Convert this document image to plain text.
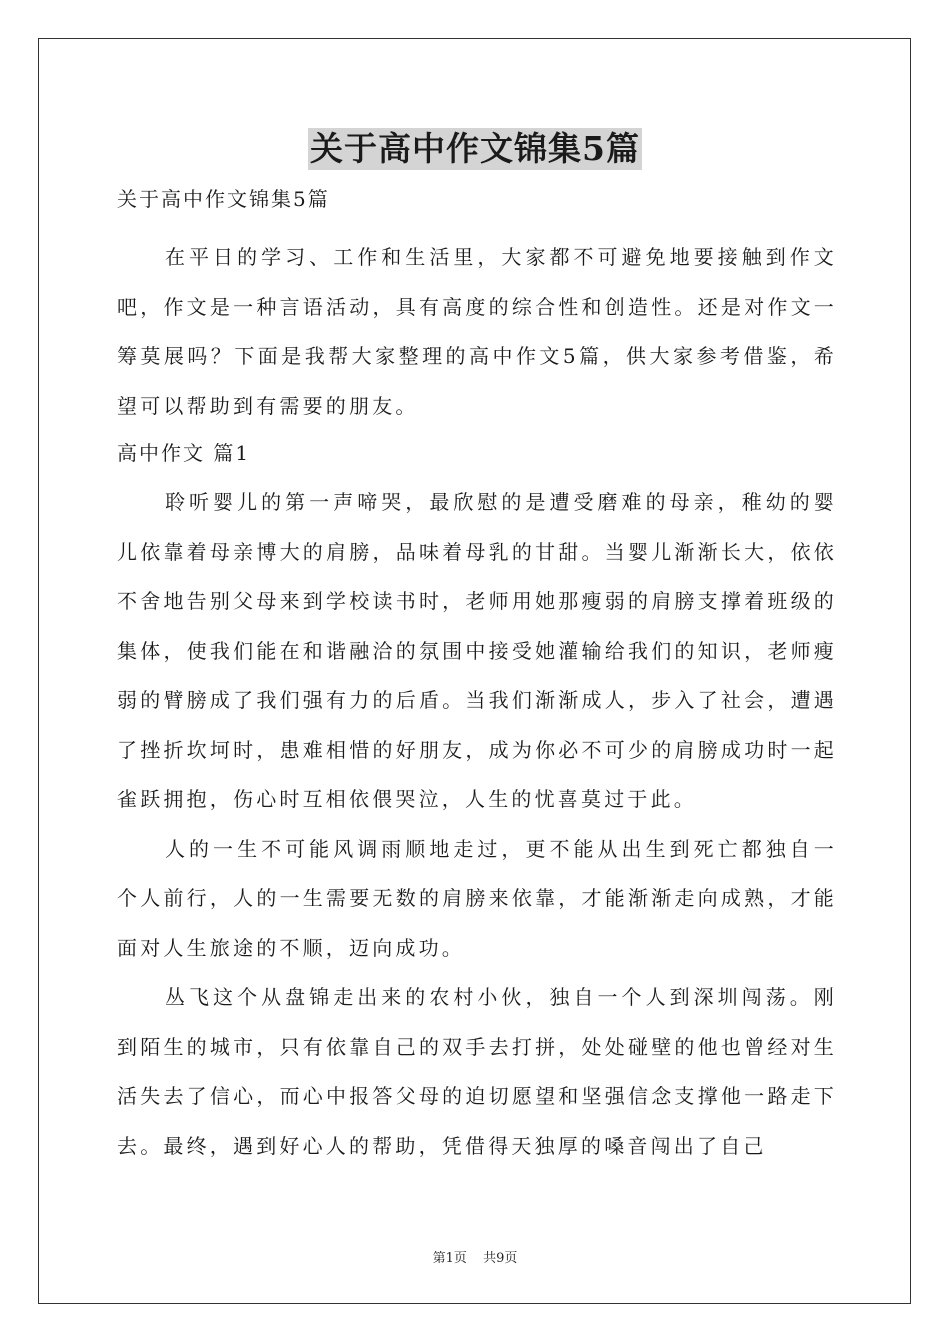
关于高中作文锦集5篇
关于高中作文锦集5篇

在平日的学习、工作和生活里，大家都不可避免地要接触到作文吧，作文是一种言语活动，具有高度的综合性和创造性。还是对作文一筹莫展吗？下面是我帮大家整理的高中作文5篇，供大家参考借鉴，希望可以帮助到有需要的朋友。

高中作文 篇1

聆听婴儿的第一声啼哭，最欣慰的是遭受磨难的母亲，稚幼的婴儿依靠着母亲博大的肩膀，品味着母乳的甘甜。当婴儿渐渐长大，依依不舍地告别父母来到学校读书时，老师用她那瘦弱的肩膀支撑着班级的集体，使我们能在和谐融洽的氛围中接受她灌输给我们的知识，老师瘦弱的臂膀成了我们强有力的后盾。当我们渐渐成人，步入了社会，遭遇了挫折坎坷时，患难相惜的好朋友，成为你必不可少的肩膀成功时一起雀跃拥抱，伤心时互相依偎哭泣，人生的忧喜莫过于此。

人的一生不可能风调雨顺地走过，更不能从出生到死亡都独自一个人前行，人的一生需要无数的肩膀来依靠，才能渐渐走向成熟，才能面对人生旅途的不顺，迈向成功。

丛飞这个从盘锦走出来的农村小伙，独自一个人到深圳闯荡。刚到陌生的城市，只有依靠自己的双手去打拼，处处碰壁的他也曾经对生活失去了信心，而心中报答父母的迫切愿望和坚强信念支撑他一路走下去。最终，遇到好心人的帮助，凭借得天独厚的嗓音闯出了自己

第1页 共9页
